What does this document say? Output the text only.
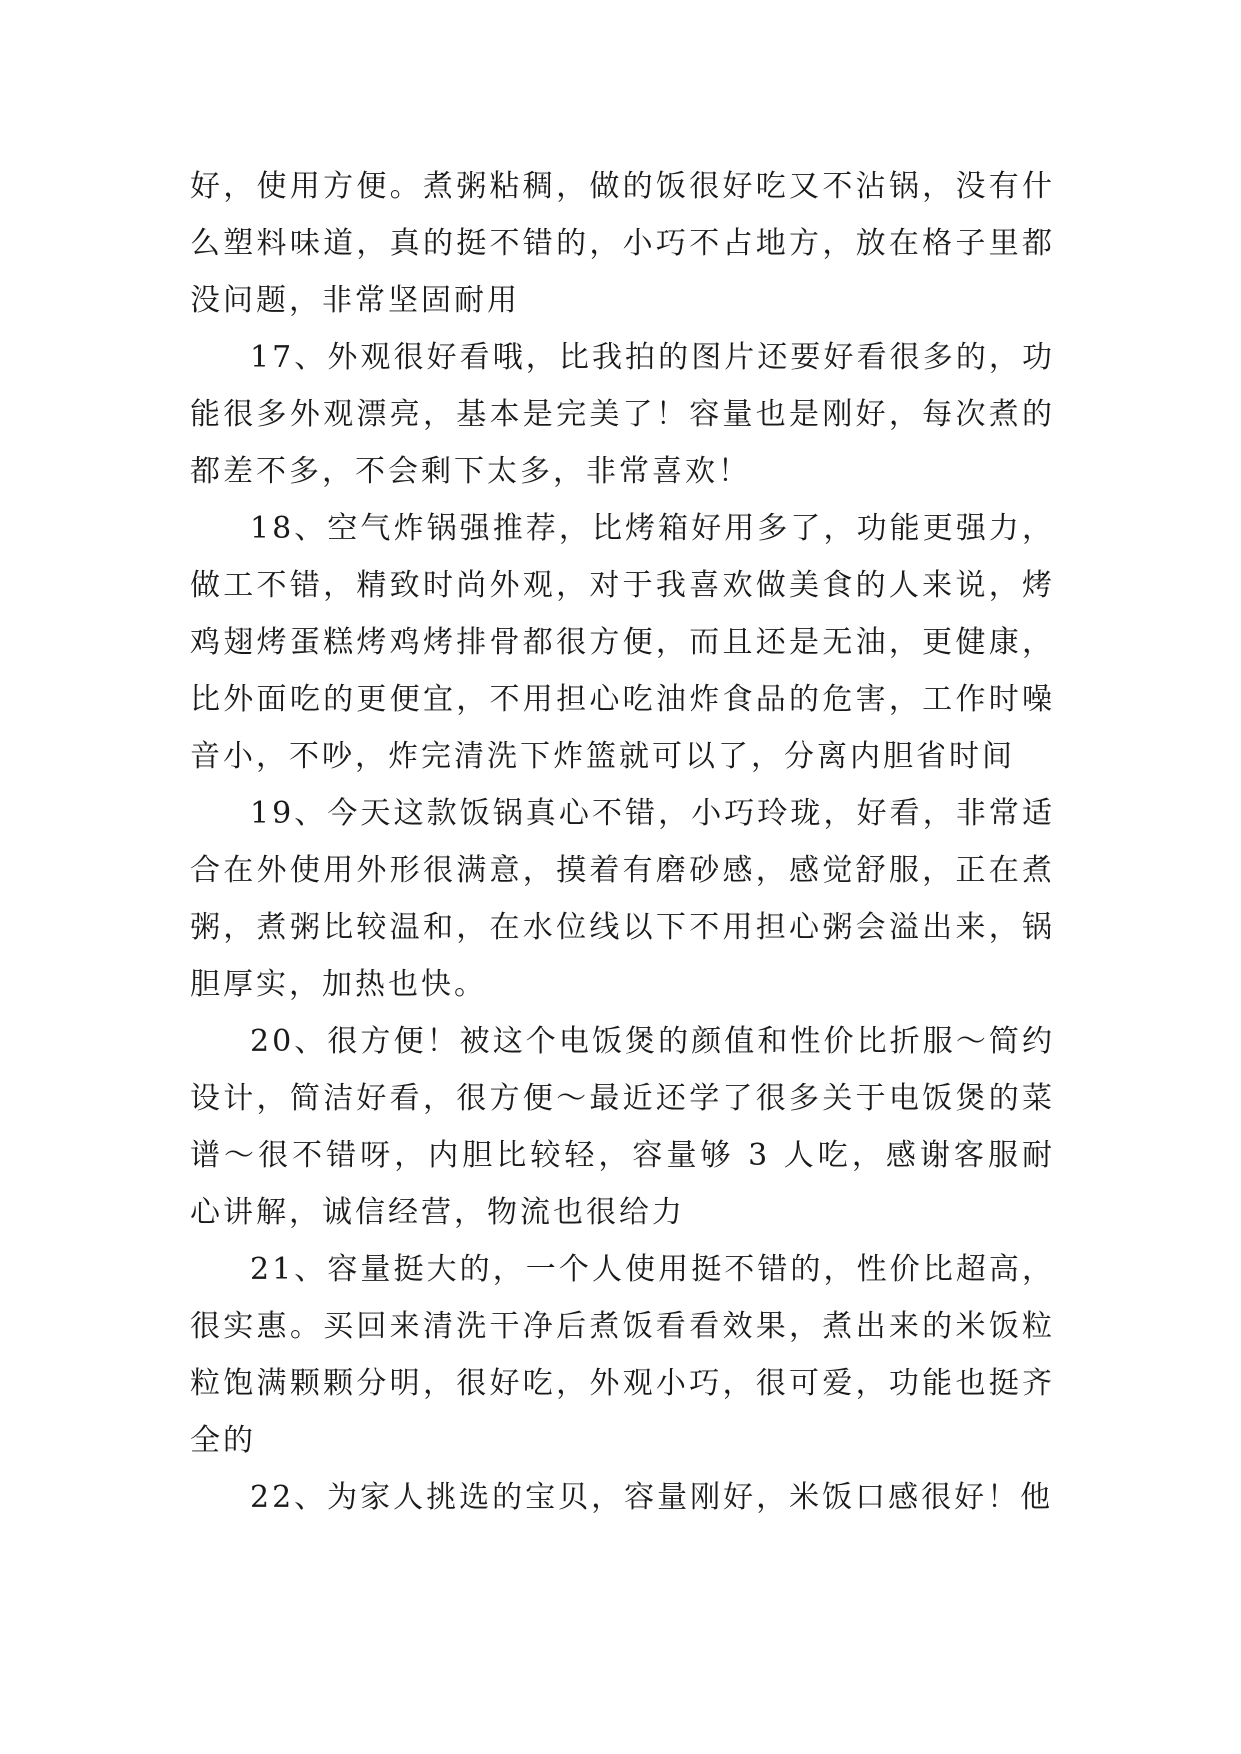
好，使用方便。煮粥粘稠，做的饭很好吃又不沾锅，没有什么塑料味道，真的挺不错的，小巧不占地方，放在格子里都没问题，非常坚固耐用

17、外观很好看哦，比我拍的图片还要好看很多的，功能很多外观漂亮，基本是完美了！容量也是刚好，每次煮的都差不多，不会剩下太多，非常喜欢！

18、空气炸锅强推荐，比烤箱好用多了，功能更强力，做工不错，精致时尚外观，对于我喜欢做美食的人来说，烤鸡翅烤蛋糕烤鸡烤排骨都很方便，而且还是无油，更健康，比外面吃的更便宜，不用担心吃油炸食品的危害，工作时噪音小，不吵，炸完清洗下炸篮就可以了，分离内胆省时间

19、今天这款饭锅真心不错，小巧玲珑，好看，非常适合在外使用外形很满意，摸着有磨砂感，感觉舒服，正在煮粥，煮粥比较温和，在水位线以下不用担心粥会溢出来，锅胆厚实，加热也快。

20、很方便！被这个电饭煲的颜值和性价比折服～简约设计，简洁好看，很方便～最近还学了很多关于电饭煲的菜谱～很不错呀，内胆比较轻，容量够 3 人吃，感谢客服耐心讲解，诚信经营，物流也很给力

21、容量挺大的，一个人使用挺不错的，性价比超高，很实惠。买回来清洗干净后煮饭看看效果，煮出来的米饭粒粒饱满颗颗分明，很好吃，外观小巧，很可爱，功能也挺齐全的

22、为家人挑选的宝贝，容量刚好，米饭口感很好！他
